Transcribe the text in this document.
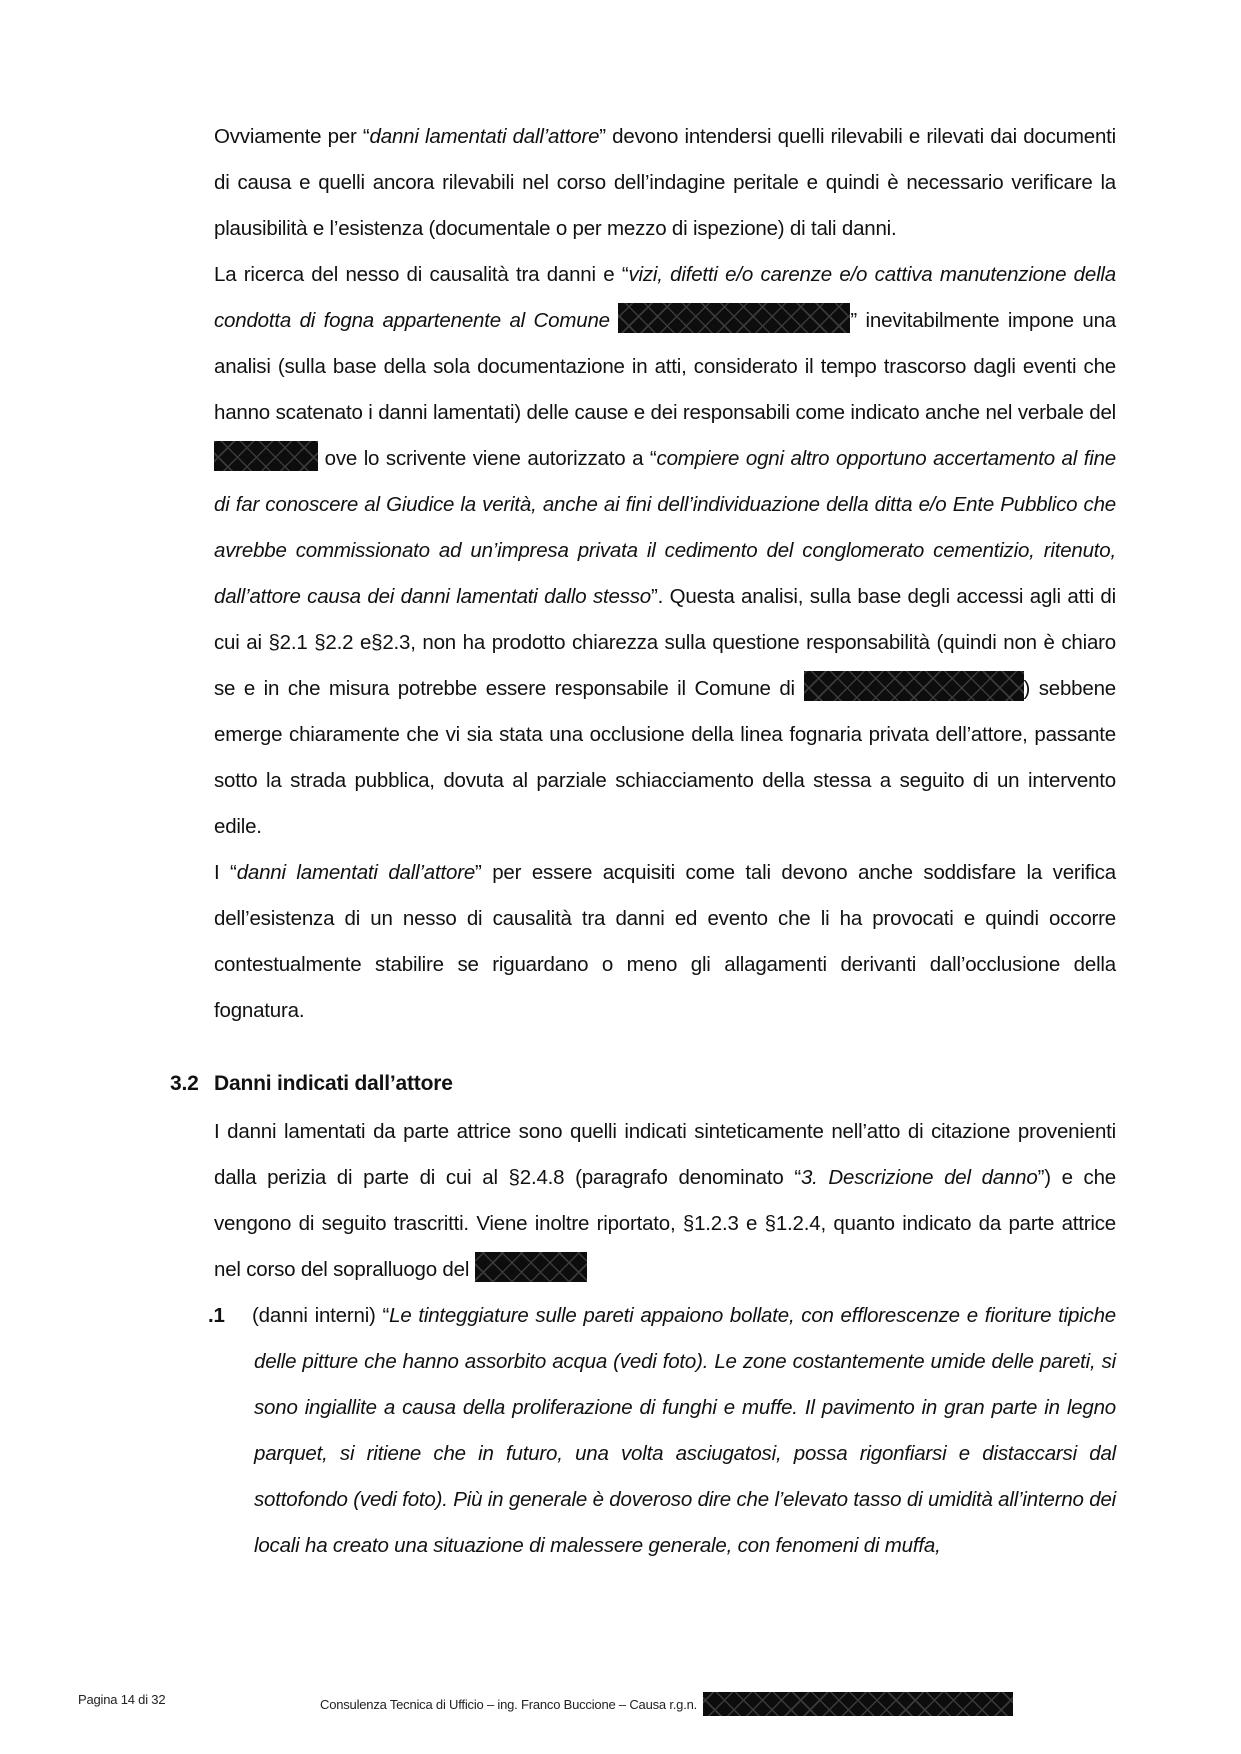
Ovviamente per “danni lamentati dall’attore” devono intendersi quelli rilevabili e rilevati dai documenti di causa e quelli ancora rilevabili nel corso dell’indagine peritale e quindi è necessario verificare la plausibilità e l’esistenza (documentale o per mezzo di ispezione) di tali danni.

La ricerca del nesso di causalità tra danni e “vizi, difetti e/o carenze e/o cattiva manutenzione della condotta di fogna appartenente al Comune	” inevitabilmente impone una analisi (sulla base della sola documentazione in atti, considerato il tempo trascorso dagli eventi che hanno scatenato i danni lamentati) delle cause e dei responsabili come indicato anche nel verbale del  ove lo scrivente viene autorizzato a “compiere ogni altro opportuno accertamento al fine di far conoscere al Giudice la verità, anche ai fini dell’individuazione della ditta e/o Ente Pubblico che avrebbe commissionato ad un’impresa privata il cedimento del conglomerato cementizio, ritenuto, dall’attore causa dei danni lamentati dallo stesso”. Questa analisi, sulla base degli accessi agli atti di cui ai §2.1 §2.2 e§2.3, non ha prodotto chiarezza sulla questione responsabilità (quindi non è chiaro se e in che misura potrebbe essere responsabile il Comune di	) sebbene emerge chiaramente che vi sia stata una occlusione della linea fognaria privata dell’attore, passante sotto la strada pubblica, dovuta al parziale schiacciamento della stessa a seguito di un intervento edile.

I “danni lamentati dall’attore” per essere acquisiti come tali devono anche soddisfare la verifica dell’esistenza di un nesso di causalità tra danni ed evento che li ha provocati e quindi occorre contestualmente stabilire se riguardano o meno gli allagamenti derivanti dall’occlusione della fognatura.

3.2 Danni indicati dall’attore

I danni lamentati da parte attrice sono quelli indicati sinteticamente nell’atto di citazione provenienti dalla perizia di parte di cui al §2.4.8 (paragrafo denominato “3. Descrizione del danno”) e che vengono di seguito trascritti. Viene inoltre riportato, §1.2.3 e §1.2.4, quanto indicato da parte attrice nel corso del sopralluogo del

.1 (danni interni) “Le tinteggiature sulle pareti appaiono bollate, con efflorescenze e fioriture tipiche delle pitture che hanno assorbito acqua (vedi foto). Le zone costantemente umide delle pareti, si sono ingiallite a causa della proliferazione di funghi e muffe. Il pavimento in gran parte in legno parquet, si ritiene che in futuro, una volta asciugatosi, possa rigonfiarsi e distaccarsi dal sottofondo (vedi foto). Più in generale è doveroso dire che l’elevato tasso di umidità all’interno dei locali ha creato una situazione di malessere generale, con fenomeni di muffa,
Pagina 14 di 32	Consulenza Tecnica di Ufficio – ing. Franco Buccione – Causa r.g.n.
